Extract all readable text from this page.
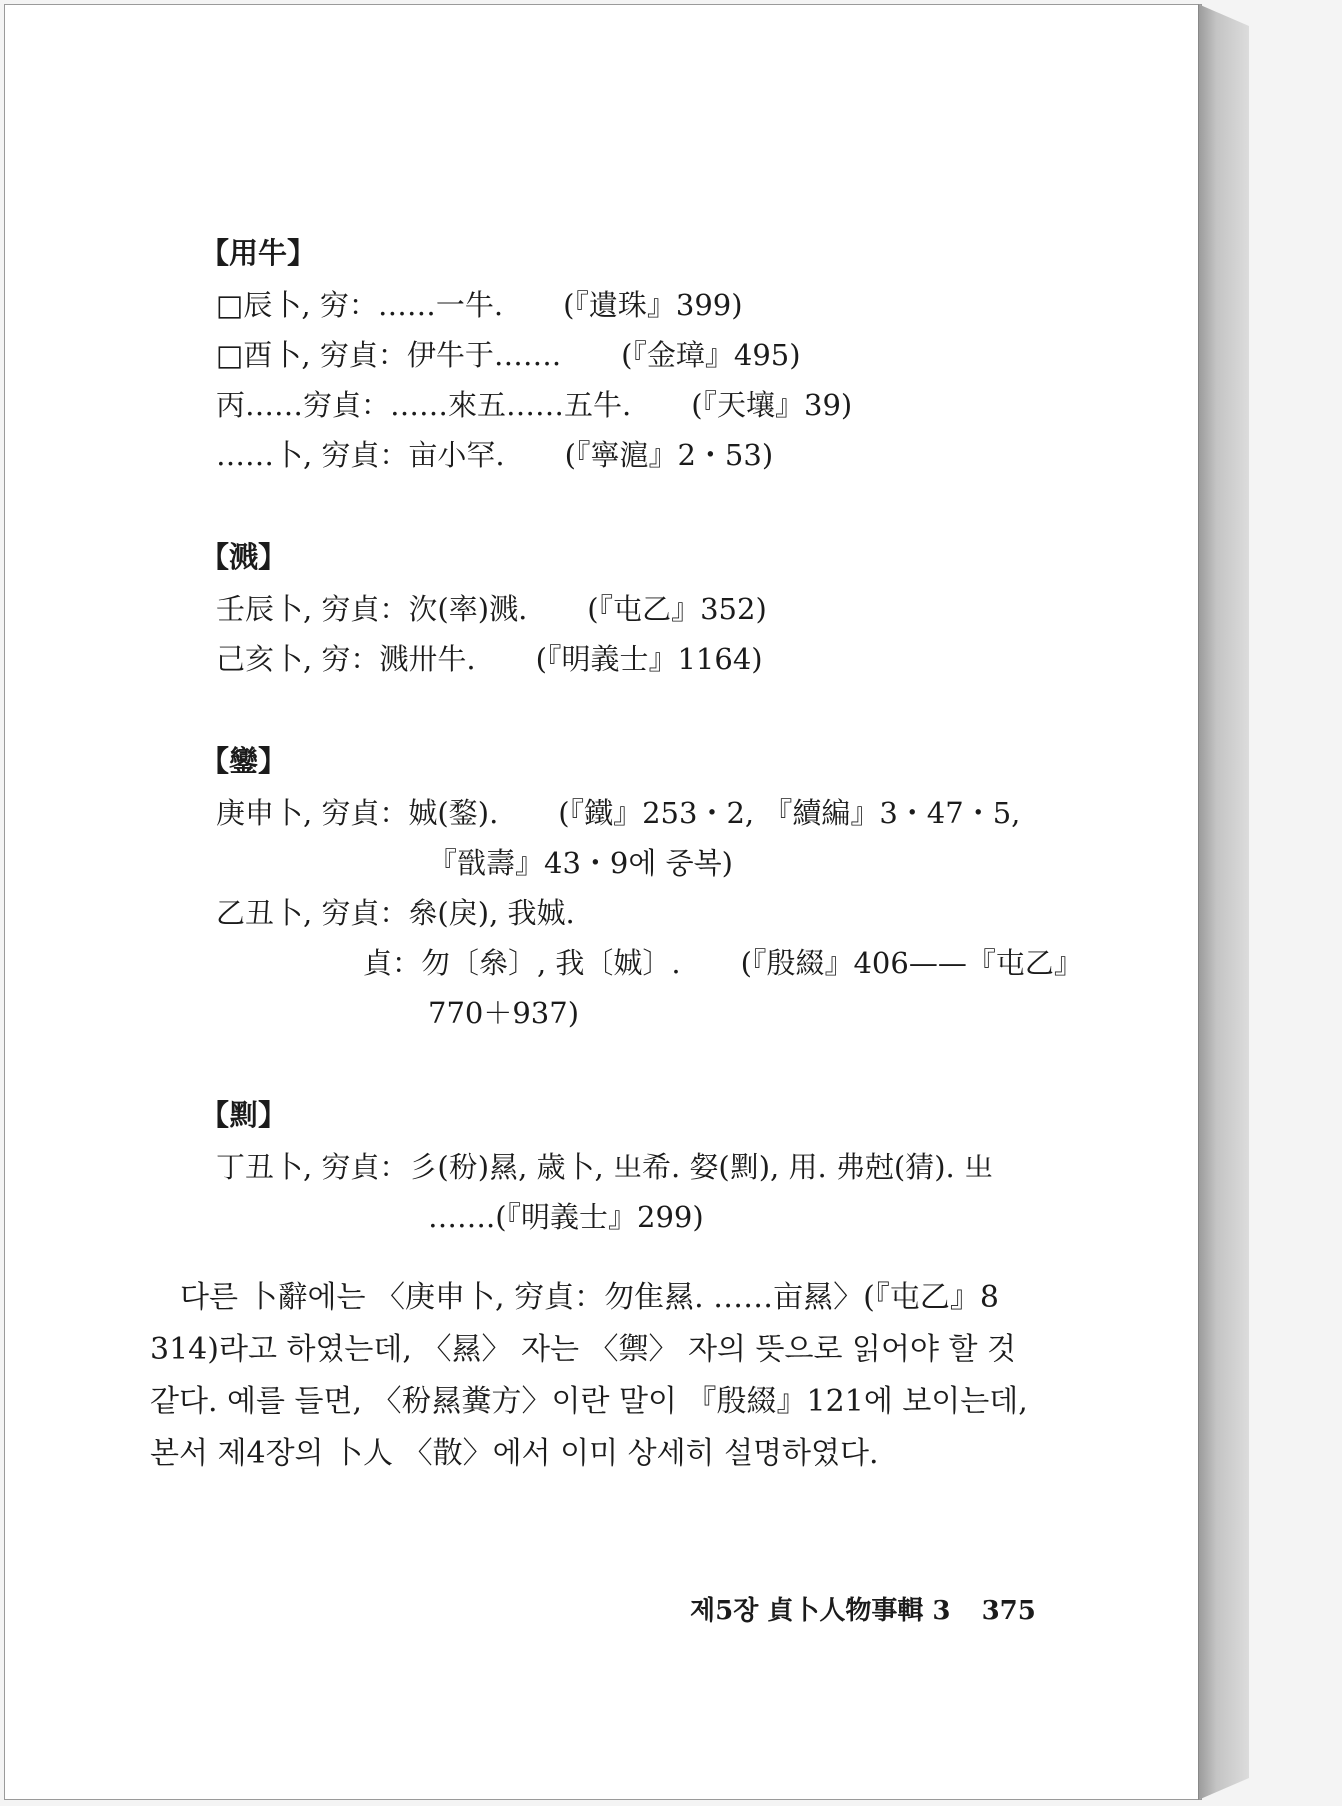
【用牛】
□辰卜, 穷：……一牛. (『遺珠』399)
□酉卜, 穷貞：伊牛于……. (『金璋』495)
丙……穷貞：……來五……五牛. (『天壤』39)
……卜, 穷貞：亩小罕. (『寧滬』2・53)
【溅】
壬辰卜, 穷貞：㳄(率)溅. (『屯乙』352)
己亥卜, 穷：溅卅牛. (『明義士』1164)
【鑾】
庚申卜, 穷貞：娍(鍪). (『鐵』253・2, 『續編』3・47・5,
『戩壽』43・9에 중복)
乙丑卜, 穷貞：㕘(戾), 我娍.
貞：勿〔㕘〕, 我〔娍〕. (『殷綴』406——『屯乙』
770＋937)
【䵞】
丁丑卜, 穷貞：彡(秎)㬎, 歳卜, 㞢希. 㛑(䵞), 用. 弗尅(猜). 㞢
…….(『明義士』299)
다른 卜辭에는 〈庚申卜, 穷貞：勿隹㬎. ……亩㬎〉(『屯乙』8
314)라고 하였는데, 〈㬎〉 자는 〈禦〉 자의 뜻으로 읽어야 할 것
같다. 예를 들면, 〈秎㬎糞方〉이란 말이 『殷綴』121에 보이는데,
본서 제4장의 卜人 〈散〉에서 이미 상세히 설명하였다.
제5장 貞卜人物事輯 3 375
